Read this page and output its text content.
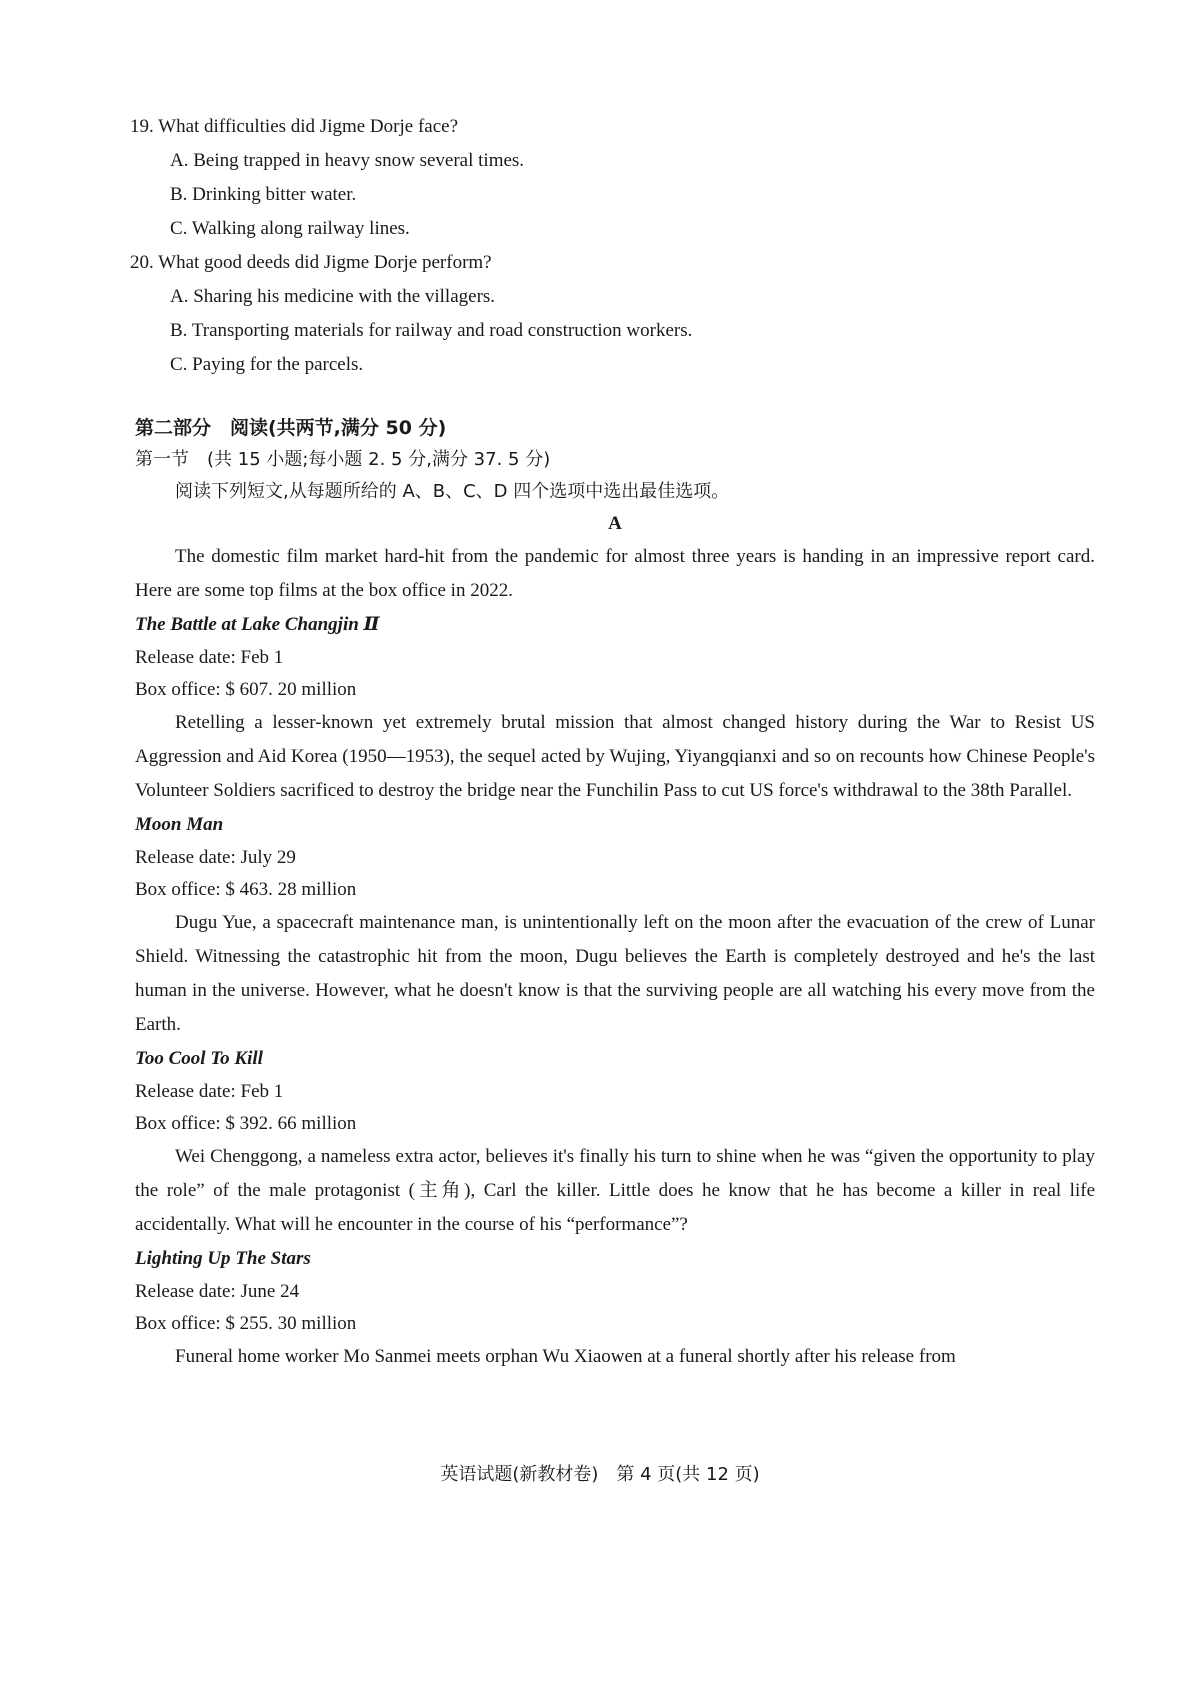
19. What difficulties did Jigme Dorje face?
A. Being trapped in heavy snow several times.
B. Drinking bitter water.
C. Walking along railway lines.
20. What good deeds did Jigme Dorje perform?
A. Sharing his medicine with the villagers.
B. Transporting materials for railway and road construction workers.
C. Paying for the parcels.
第二部分　阅读(共两节,满分 50 分)
第一节　(共 15 小题;每小题 2. 5 分,满分 37. 5 分)
阅读下列短文,从每题所给的 A、B、C、D 四个选项中选出最佳选项。
A

The domestic film market hard-hit from the pandemic for almost three years is handing in an impressive report card. Here are some top films at the box office in 2022.

The Battle at Lake Changjin Ⅱ
Release date: Feb 1
Box office: $ 607. 20 million

Retelling a lesser-known yet extremely brutal mission that almost changed history during the War to Resist US Aggression and Aid Korea (1950—1953), the sequel acted by Wujing, Yiyangqianxi and so on recounts how Chinese People's Volunteer Soldiers sacrificed to destroy the bridge near the Funchilin Pass to cut US force's withdrawal to the 38th Parallel.

Moon Man
Release date: July 29
Box office: $ 463. 28 million

Dugu Yue, a spacecraft maintenance man, is unintentionally left on the moon after the evacuation of the crew of Lunar Shield. Witnessing the catastrophic hit from the moon, Dugu believes the Earth is completely destroyed and he's the last human in the universe. However, what he doesn't know is that the surviving people are all watching his every move from the Earth.

Too Cool To Kill
Release date: Feb 1
Box office: $ 392. 66 million

Wei Chenggong, a nameless extra actor, believes it's finally his turn to shine when he was “given the opportunity to play the role” of the male protagonist (主角), Carl the killer. Little does he know that he has become a killer in real life accidentally. What will he encounter in the course of his “performance”?

Lighting Up The Stars
Release date: June 24
Box office: $ 255. 30 million

Funeral home worker Mo Sanmei meets orphan Wu Xiaowen at a funeral shortly after his release from

英语试题(新教材卷)　第 4 页(共 12 页)
